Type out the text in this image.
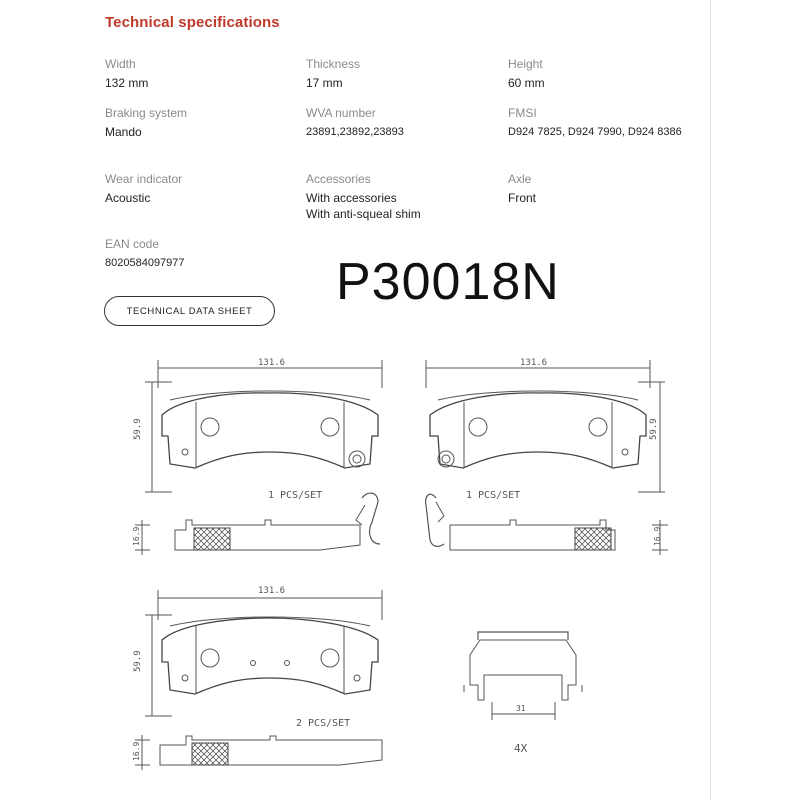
Technical specifications
Width
132 mm
Thickness
17 mm
Height
60 mm
Braking system
Mando
WVA number
23891,23892,23893
FMSI
D924 7825, D924 7990, D924 8386
Wear indicator
Acoustic
Accessories
With accessories
With anti-squeal shim
Axle
Front
EAN code
8020584097977
TECHNICAL DATA SHEET	P30018N
131.6	131.6
131.6
59.9	59.9
59.9
16.9	16.9
16.9
1 PCS/SET	1 PCS/SET
2 PCS/SET
31
4X
